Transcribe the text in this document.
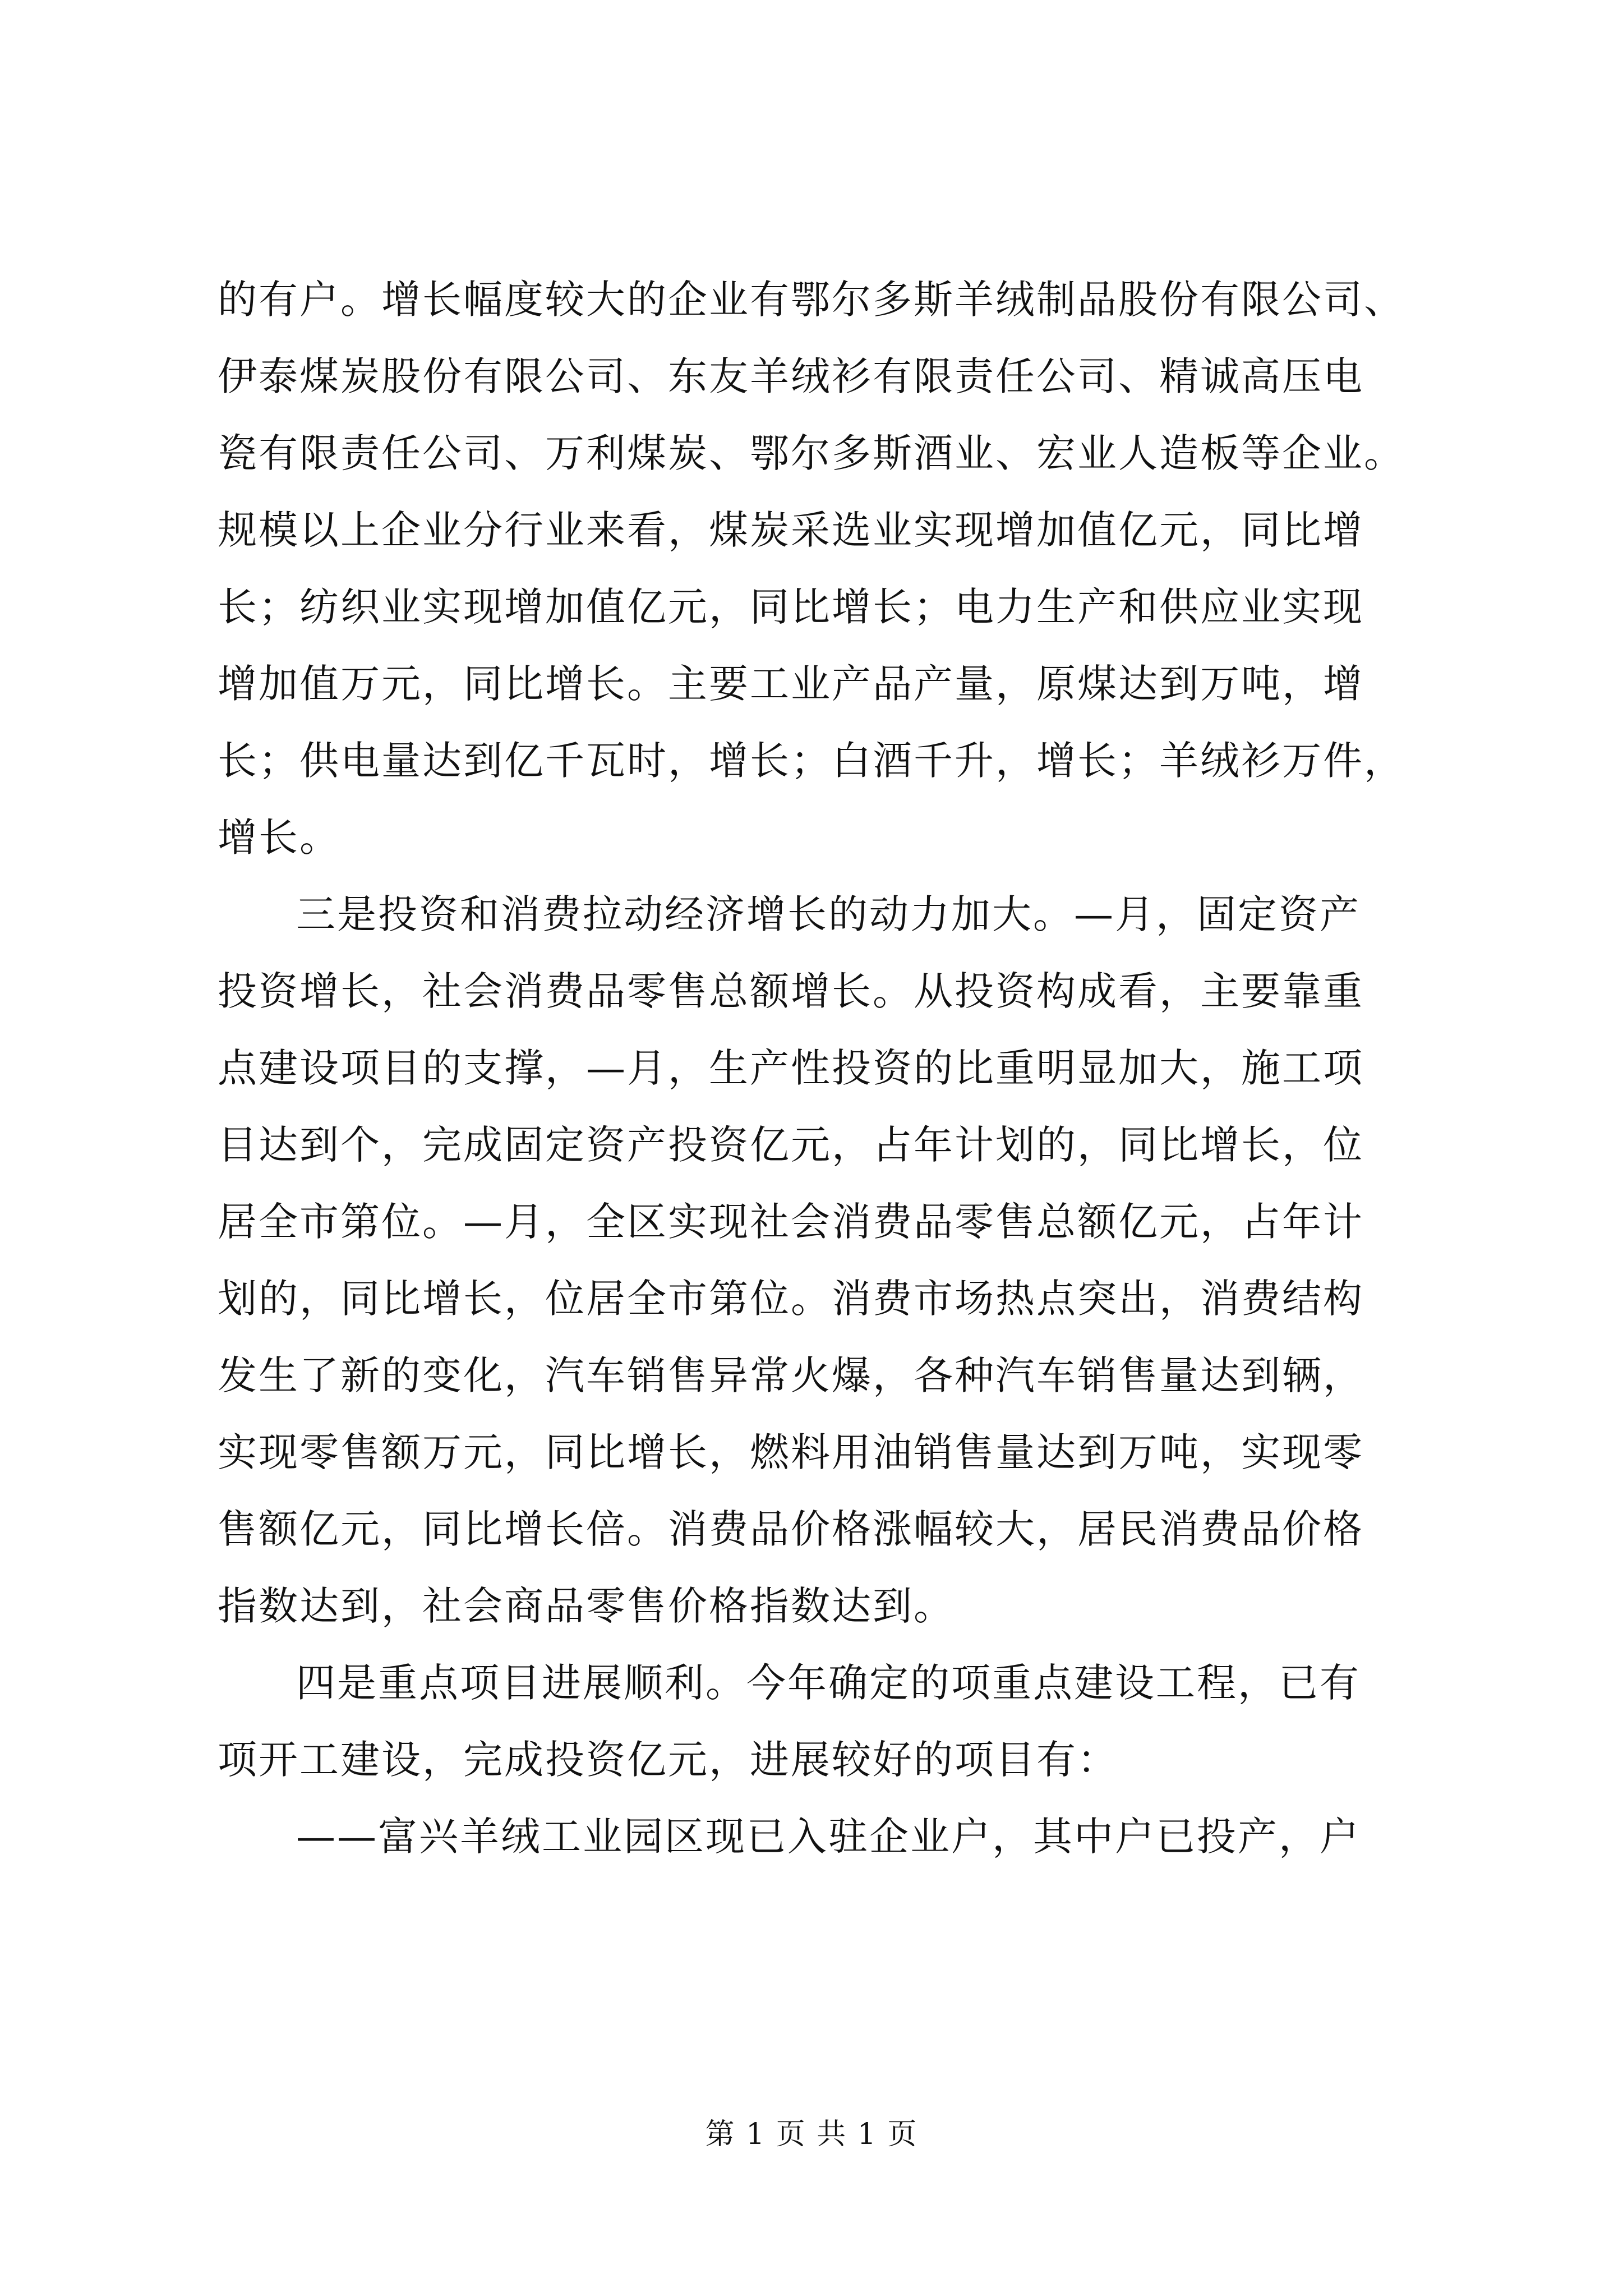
的有户。增长幅度较大的企业有鄂尔多斯羊绒制品股份有限公司、
伊泰煤炭股份有限公司、东友羊绒衫有限责任公司、精诚高压电
瓷有限责任公司、万利煤炭、鄂尔多斯酒业、宏业人造板等企业。
规模以上企业分行业来看，煤炭采选业实现增加值亿元，同比增
长；纺织业实现增加值亿元，同比增长；电力生产和供应业实现
增加值万元，同比增长。主要工业产品产量，原煤达到万吨，增
长；供电量达到亿千瓦时，增长；白酒千升，增长；羊绒衫万件，
增长。
三是投资和消费拉动经济增长的动力加大。—月，固定资产
投资增长，社会消费品零售总额增长。从投资构成看，主要靠重
点建设项目的支撑，—月，生产性投资的比重明显加大，施工项
目达到个，完成固定资产投资亿元，占年计划的，同比增长，位
居全市第位。—月，全区实现社会消费品零售总额亿元，占年计
划的，同比增长，位居全市第位。消费市场热点突出，消费结构
发生了新的变化，汽车销售异常火爆，各种汽车销售量达到辆，
实现零售额万元，同比增长，燃料用油销售量达到万吨，实现零
售额亿元，同比增长倍。消费品价格涨幅较大，居民消费品价格
指数达到，社会商品零售价格指数达到。
四是重点项目进展顺利。今年确定的项重点建设工程，已有
项开工建设，完成投资亿元，进展较好的项目有：
——富兴羊绒工业园区现已入驻企业户，其中户已投产，户
第 1 页 共 1 页
